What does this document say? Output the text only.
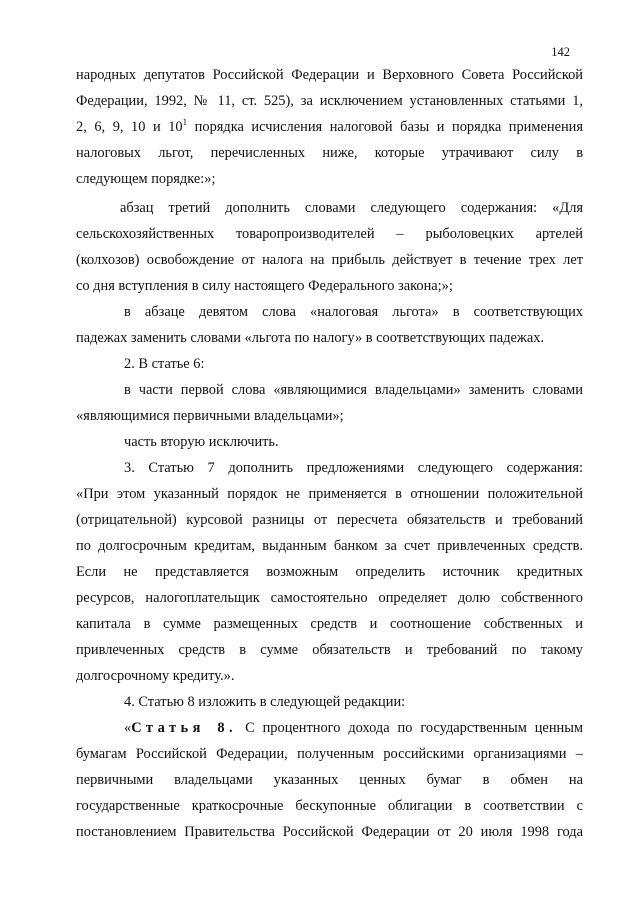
142
народных депутатов Российской Федерации и Верховного Совета Российской
Федерации, 1992, № 11, ст. 525), за исключением установленных статьями 1,
2, 6, 9, 10 и $10^1$ порядка исчисления налоговой базы и порядка применения
налоговых льгот, перечисленных ниже, которые утрачивают силу в
следующем порядке:»;
абзац третий дополнить словами следующего содержания: «Для
сельскохозяйственных товаропроизводителей – рыболовецких артелей
(колхозов) освобождение от налога на прибыль действует в течение трех лет
со дня вступления в силу настоящего Федерального закона;»;
в абзаце девятом слова «налоговая льгота» в соответствующих
падежах заменить словами «льгота по налогу» в соответствующих падежах.
2. В статье 6:
в части первой слова «являющимися владельцами» заменить словами
«являющимися первичными владельцами»;
часть вторую исключить.
3. Статью 7 дополнить предложениями следующего содержания:
«При этом указанный порядок не применяется в отношении положительной
(отрицательной) курсовой разницы от пересчета обязательств и требований
по долгосрочным кредитам, выданным банком за счет привлеченных средств.
Если не представляется возможным определить источник кредитных
ресурсов, налогоплательщик самостоятельно определяет долю собственного
капитала в сумме размещенных средств и соотношение собственных и
привлеченных средств в сумме обязательств и требований по такому
долгосрочному кредиту.».
4. Статью 8 изложить в следующей редакции:
«Статья 8. С процентного дохода по государственным ценным
бумагам Российской Федерации, полученным российскими организациями –
первичными владельцами указанных ценных бумаг в обмен на
государственные краткосрочные бескупонные облигации в соответствии с
постановлением Правительства Российской Федерации от 20 июля 1998 года
